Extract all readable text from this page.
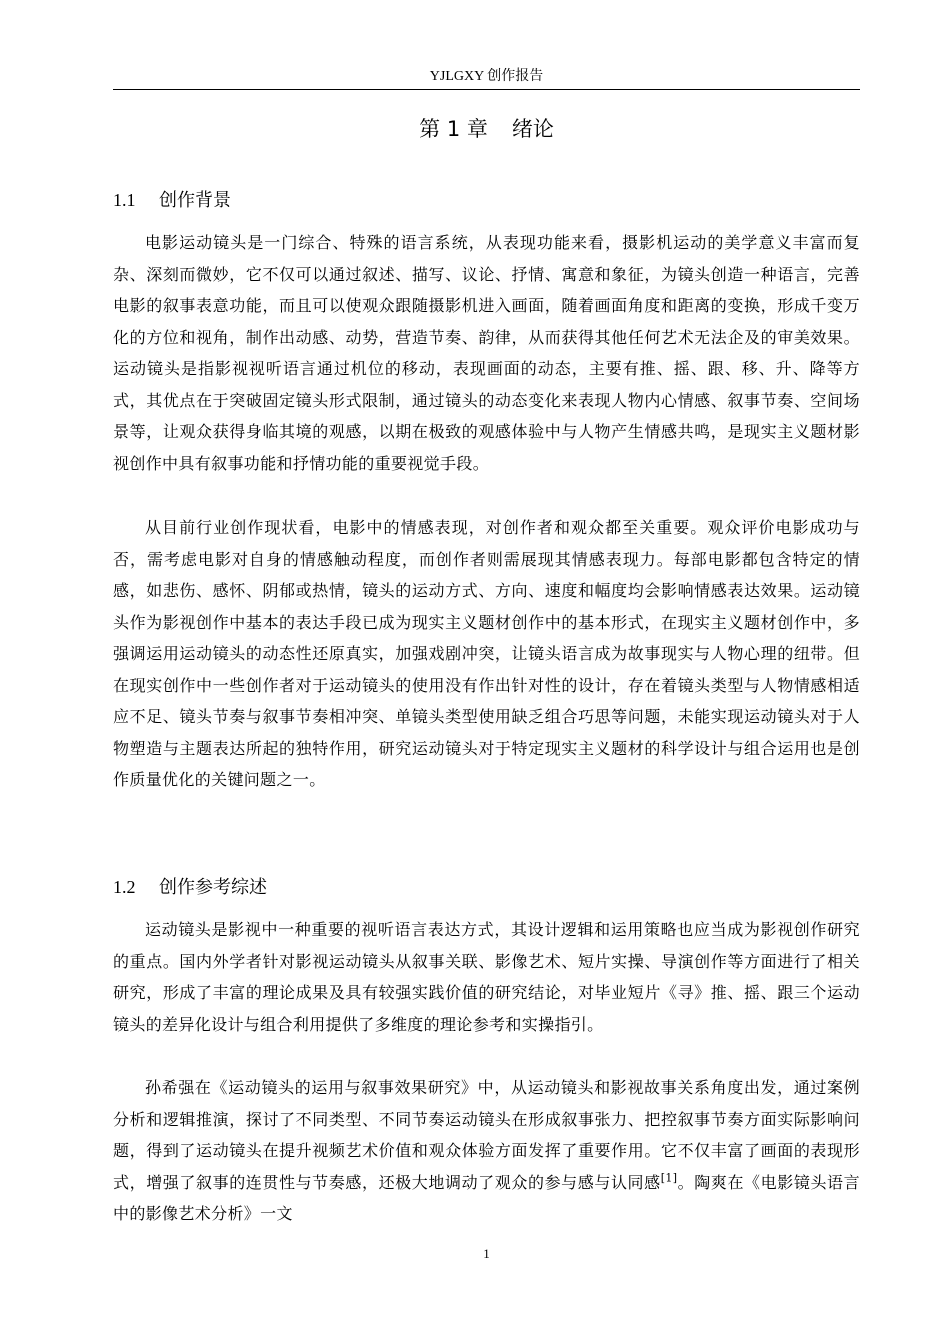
YJLGXY 创作报告
第 1 章 绪论
1.1 创作背景

电影运动镜头是一门综合、特殊的语言系统，从表现功能来看，摄影机运动的美学意义丰富而复杂、深刻而微妙，它不仅可以通过叙述、描写、议论、抒情、寓意和象征，为镜头创造一种语言，完善电影的叙事表意功能，而且可以使观众跟随摄影机进入画面，随着画面角度和距离的变换，形成千变万化的方位和视角，制作出动感、动势，营造节奏、韵律，从而获得其他任何艺术无法企及的审美效果。运动镜头是指影视视听语言通过机位的移动，表现画面的动态，主要有推、摇、跟、移、升、降等方式，其优点在于突破固定镜头形式限制，通过镜头的动态变化来表现人物内心情感、叙事节奏、空间场景等，让观众获得身临其境的观感，以期在极致的观感体验中与人物产生情感共鸣，是现实主义题材影视创作中具有叙事功能和抒情功能的重要视觉手段。

从目前行业创作现状看，电影中的情感表现，对创作者和观众都至关重要。观众评价电影成功与否，需考虑电影对自身的情感触动程度，而创作者则需展现其情感表现力。每部电影都包含特定的情感，如悲伤、感怀、阴郁或热情，镜头的运动方式、方向、速度和幅度均会影响情感表达效果。运动镜头作为影视创作中基本的表达手段已成为现实主义题材创作中的基本形式，在现实主义题材创作中，多强调运用运动镜头的动态性还原真实，加强戏剧冲突，让镜头语言成为故事现实与人物心理的纽带。但在现实创作中一些创作者对于运动镜头的使用没有作出针对性的设计，存在着镜头类型与人物情感相适应不足、镜头节奏与叙事节奏相冲突、单镜头类型使用缺乏组合巧思等问题，未能实现运动镜头对于人物塑造与主题表达所起的独特作用，研究运动镜头对于特定现实主义题材的科学设计与组合运用也是创作质量优化的关键问题之一。

1.2 创作参考综述

运动镜头是影视中一种重要的视听语言表达方式，其设计逻辑和运用策略也应当成为影视创作研究的重点。国内外学者针对影视运动镜头从叙事关联、影像艺术、短片实操、导演创作等方面进行了相关研究，形成了丰富的理论成果及具有较强实践价值的研究结论，对毕业短片《寻》推、摇、跟三个运动镜头的差异化设计与组合利用提供了多维度的理论参考和实操指引。

孙希强在《运动镜头的运用与叙事效果研究》中，从运动镜头和影视故事关系角度出发，通过案例分析和逻辑推演，探讨了不同类型、不同节奏运动镜头在形成叙事张力、把控叙事节奏方面实际影响问题，得到了运动镜头在提升视频艺术价值和观众体验方面发挥了重要作用。它不仅丰富了画面的表现形式，增强了叙事的连贯性与节奏感，还极大地调动了观众的参与感与认同感[1]。陶爽在《电影镜头语言中的影像艺术分析》一文

1
